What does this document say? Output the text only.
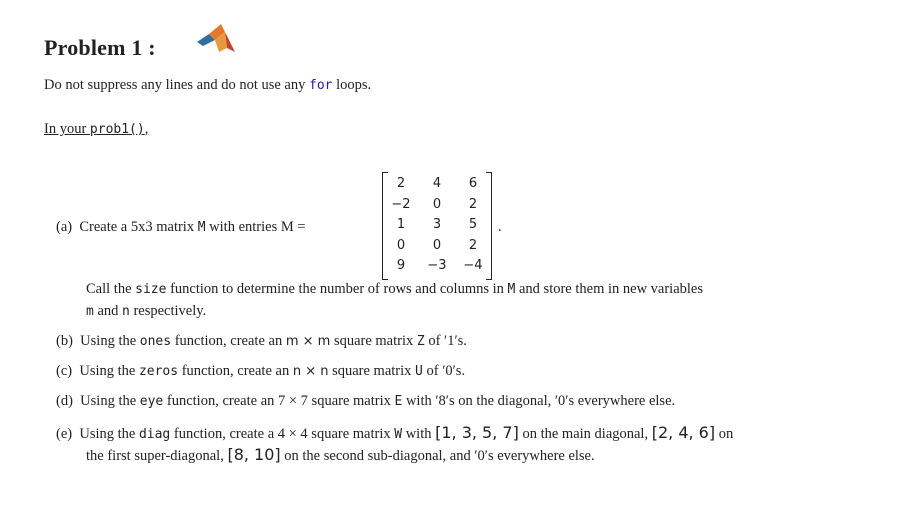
Problem 1 :
Do not suppress any lines and do not use any for loops.
In your prob1(),
(a) Create a 5x3 matrix M with entries M =
2	4	6
−2	0	2
1	3	5
0	0	2
9	−3	−4
.
Call the size function to determine the number of rows and columns in M and store them in new variables
m and n respectively.
(b) Using the ones function, create an m × m square matrix Z of ′1′s.
(c) Using the zeros function, create an n × n square matrix U of ′0′s.
(d) Using the eye function, create an 7 × 7 square matrix E with ′8′s on the diagonal, ′0′s everywhere else.
(e) Using the diag function, create a 4 × 4 square matrix W with [1, 3, 5, 7] on the main diagonal, [2, 4, 6] on
the first super-diagonal, [8, 10] on the second sub-diagonal, and ′0′s everywhere else.
